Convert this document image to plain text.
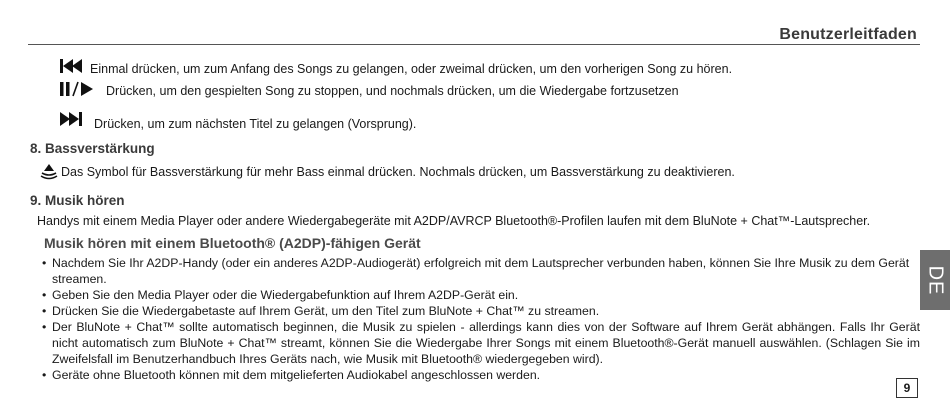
Benutzerleitfaden
Einmal drücken, um zum Anfang des Songs zu gelangen, oder zweimal drücken, um den vorherigen Song zu hören.
Drücken, um den gespielten Song zu stoppen, und nochmals drücken, um die Wiedergabe fortzusetzen
Drücken, um zum nächsten Titel zu gelangen (Vorsprung).
8. Bassverstärkung
Das Symbol für Bassverstärkung für mehr Bass einmal drücken. Nochmals drücken, um Bassverstärkung zu deaktivieren.
9. Musik hören
Handys mit einem Media Player oder andere Wiedergabegeräte mit A2DP/AVRCP Bluetooth®-Profilen laufen mit dem BluNote + Chat™-Lautsprecher.
Musik hören mit einem Bluetooth® (A2DP)-fähigen Gerät
• Nachdem Sie Ihr A2DP-Handy (oder ein anderes A2DP-Audiogerät) erfolgreich mit dem Lautsprecher verbunden haben, können Sie Ihre Musik zu dem Gerät streamen.
• Geben Sie den Media Player oder die Wiedergabefunktion auf Ihrem A2DP-Gerät ein.
• Drücken Sie die Wiedergabetaste auf Ihrem Gerät, um den Titel zum BluNote + Chat™ zu streamen.
• Der BluNote + Chat™ sollte automatisch beginnen, die Musik zu spielen - allerdings kann dies von der Software auf Ihrem Gerät abhängen. Falls Ihr Gerät nicht automatisch zum BluNote + Chat™ streamt, können Sie die Wiedergabe Ihrer Songs mit einem Bluetooth®-Gerät manuell auswählen. (Schlagen Sie im Zweifelsfall im Benutzerhandbuch Ihres Geräts nach, wie Musik mit Bluetooth® wiedergegeben wird).
• Geräte ohne Bluetooth können mit dem mitgelieferten Audiokabel angeschlossen werden.
DE
9
